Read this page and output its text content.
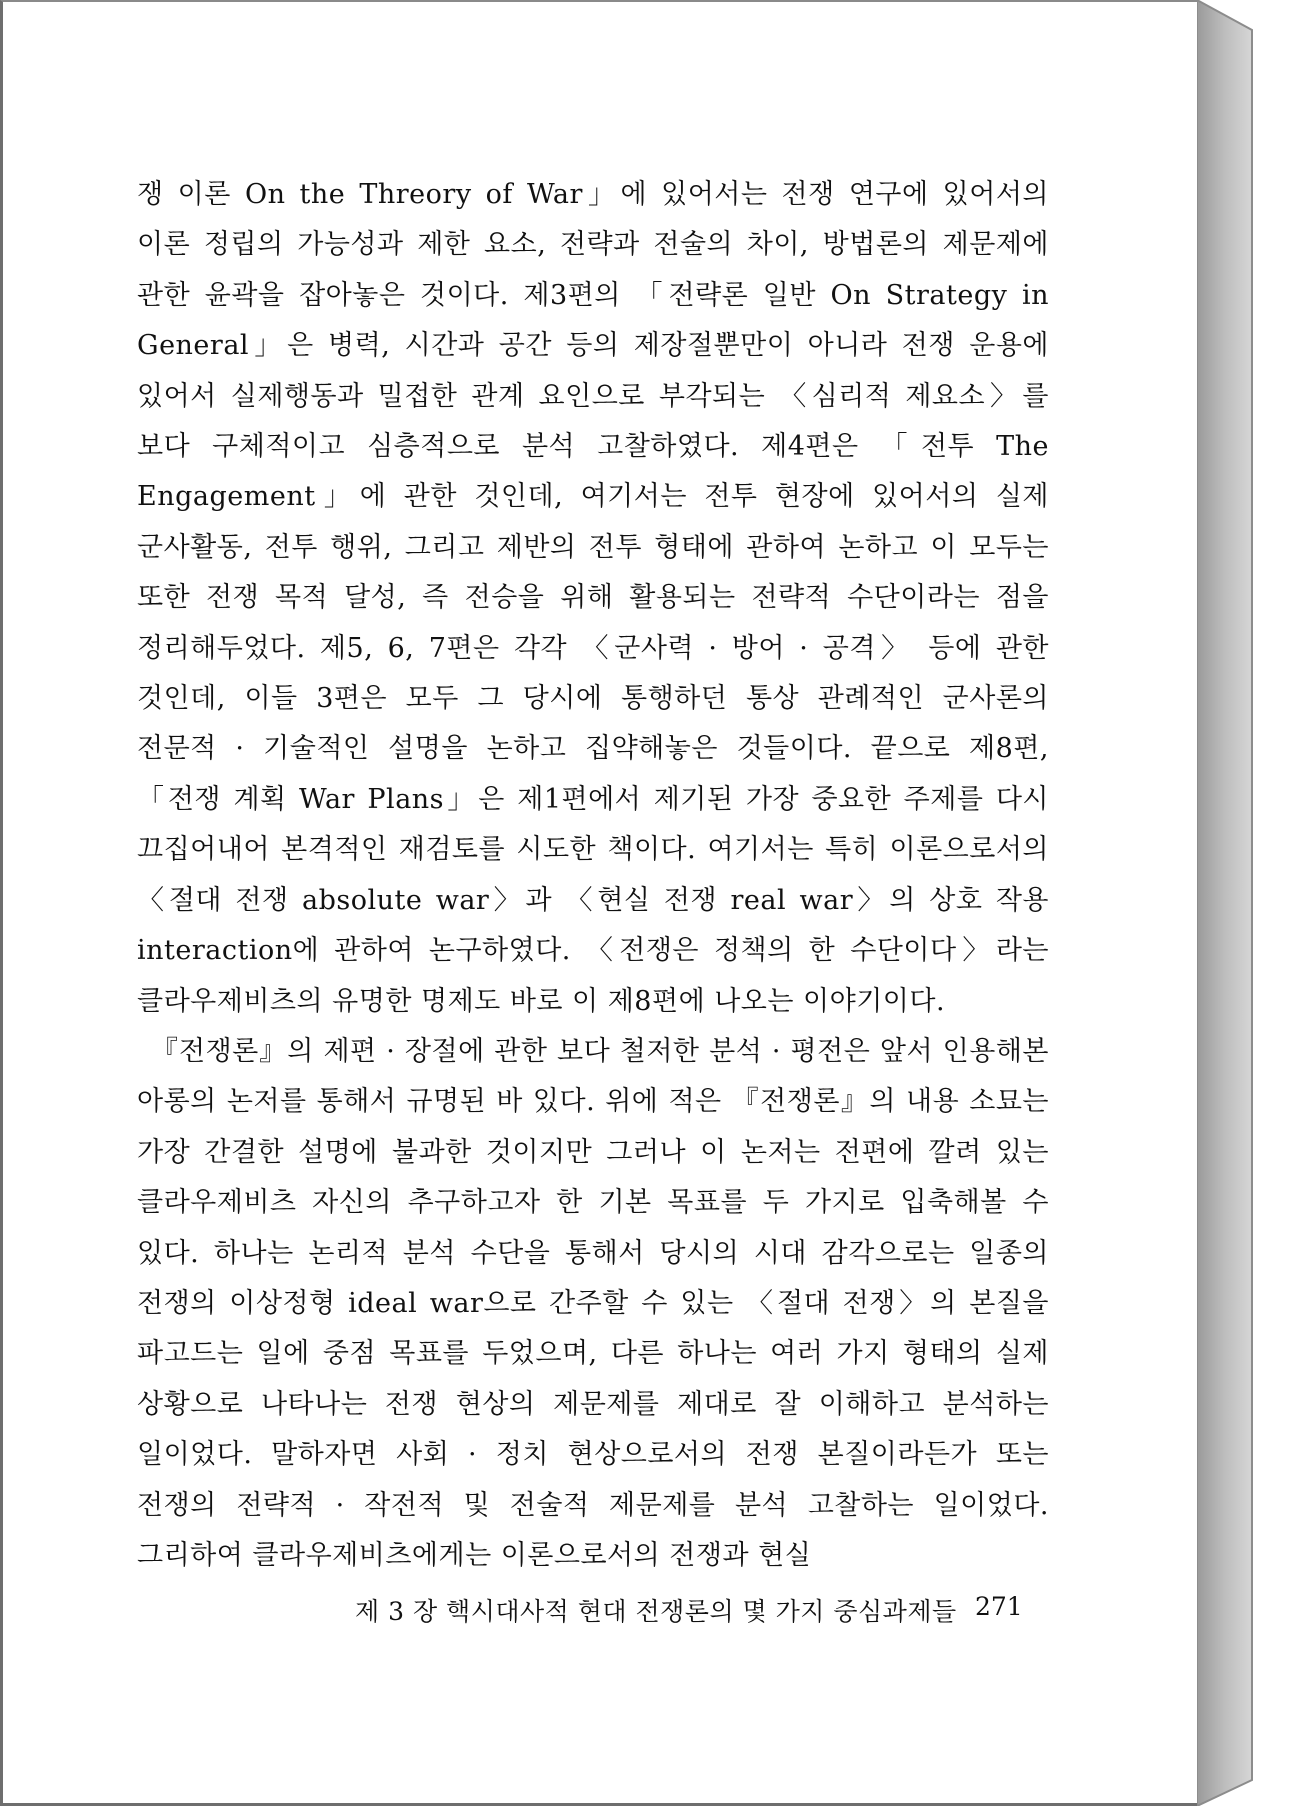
쟁 이론 On the Threory of War」에 있어서는 전쟁 연구에 있어서의 이론 정립의 가능성과 제한 요소, 전략과 전술의 차이, 방법론의 제문제에 관한 윤곽을 잡아놓은 것이다. 제3편의 「전략론 일반 On Strategy in General」은 병력, 시간과 공간 등의 제장절뿐만이 아니라 전쟁 운용에 있어서 실제행동과 밀접한 관계 요인으로 부각되는 〈심리적 제요소〉를 보다 구체적이고 심층적으로 분석 고찰하였다. 제4편은 「전투 The Engagement」에 관한 것인데, 여기서는 전투 현장에 있어서의 실제 군사활동, 전투 행위, 그리고 제반의 전투 형태에 관하여 논하고 이 모두는 또한 전쟁 목적 달성, 즉 전승을 위해 활용되는 전략적 수단이라는 점을 정리해두었다. 제5, 6, 7편은 각각 〈군사력 · 방어 · 공격〉 등에 관한 것인데, 이들 3편은 모두 그 당시에 통행하던 통상 관례적인 군사론의 전문적 · 기술적인 설명을 논하고 집약해놓은 것들이다. 끝으로 제8편, 「전쟁 계획 War Plans」은 제1편에서 제기된 가장 중요한 주제를 다시 끄집어내어 본격적인 재검토를 시도한 책이다. 여기서는 특히 이론으로서의 〈절대 전쟁 absolute war〉과 〈현실 전쟁 real war〉의 상호 작용 interaction에 관하여 논구하였다. 〈전쟁은 정책의 한 수단이다〉라는 클라우제비츠의 유명한 명제도 바로 이 제8편에 나오는 이야기이다.

『전쟁론』의 제편 · 장절에 관한 보다 철저한 분석 · 평전은 앞서 인용해본 아롱의 논저를 통해서 규명된 바 있다. 위에 적은 『전쟁론』의 내용 소묘는 가장 간결한 설명에 불과한 것이지만 그러나 이 논저는 전편에 깔려 있는 클라우제비츠 자신의 추구하고자 한 기본 목표를 두 가지로 입축해볼 수 있다. 하나는 논리적 분석 수단을 통해서 당시의 시대 감각으로는 일종의 전쟁의 이상정형 ideal war으로 간주할 수 있는 〈절대 전쟁〉의 본질을 파고드는 일에 중점 목표를 두었으며, 다른 하나는 여러 가지 형태의 실제 상황으로 나타나는 전쟁 현상의 제문제를 제대로 잘 이해하고 분석하는 일이었다. 말하자면 사회 · 정치 현상으로서의 전쟁 본질이라든가 또는 전쟁의 전략적 · 작전적 및 전술적 제문제를 분석 고찰하는 일이었다. 그리하여 클라우제비츠에게는 이론으로서의 전쟁과 현실

제 3 장 핵시대사적 현대 전쟁론의 몇 가지 중심과제들 271
